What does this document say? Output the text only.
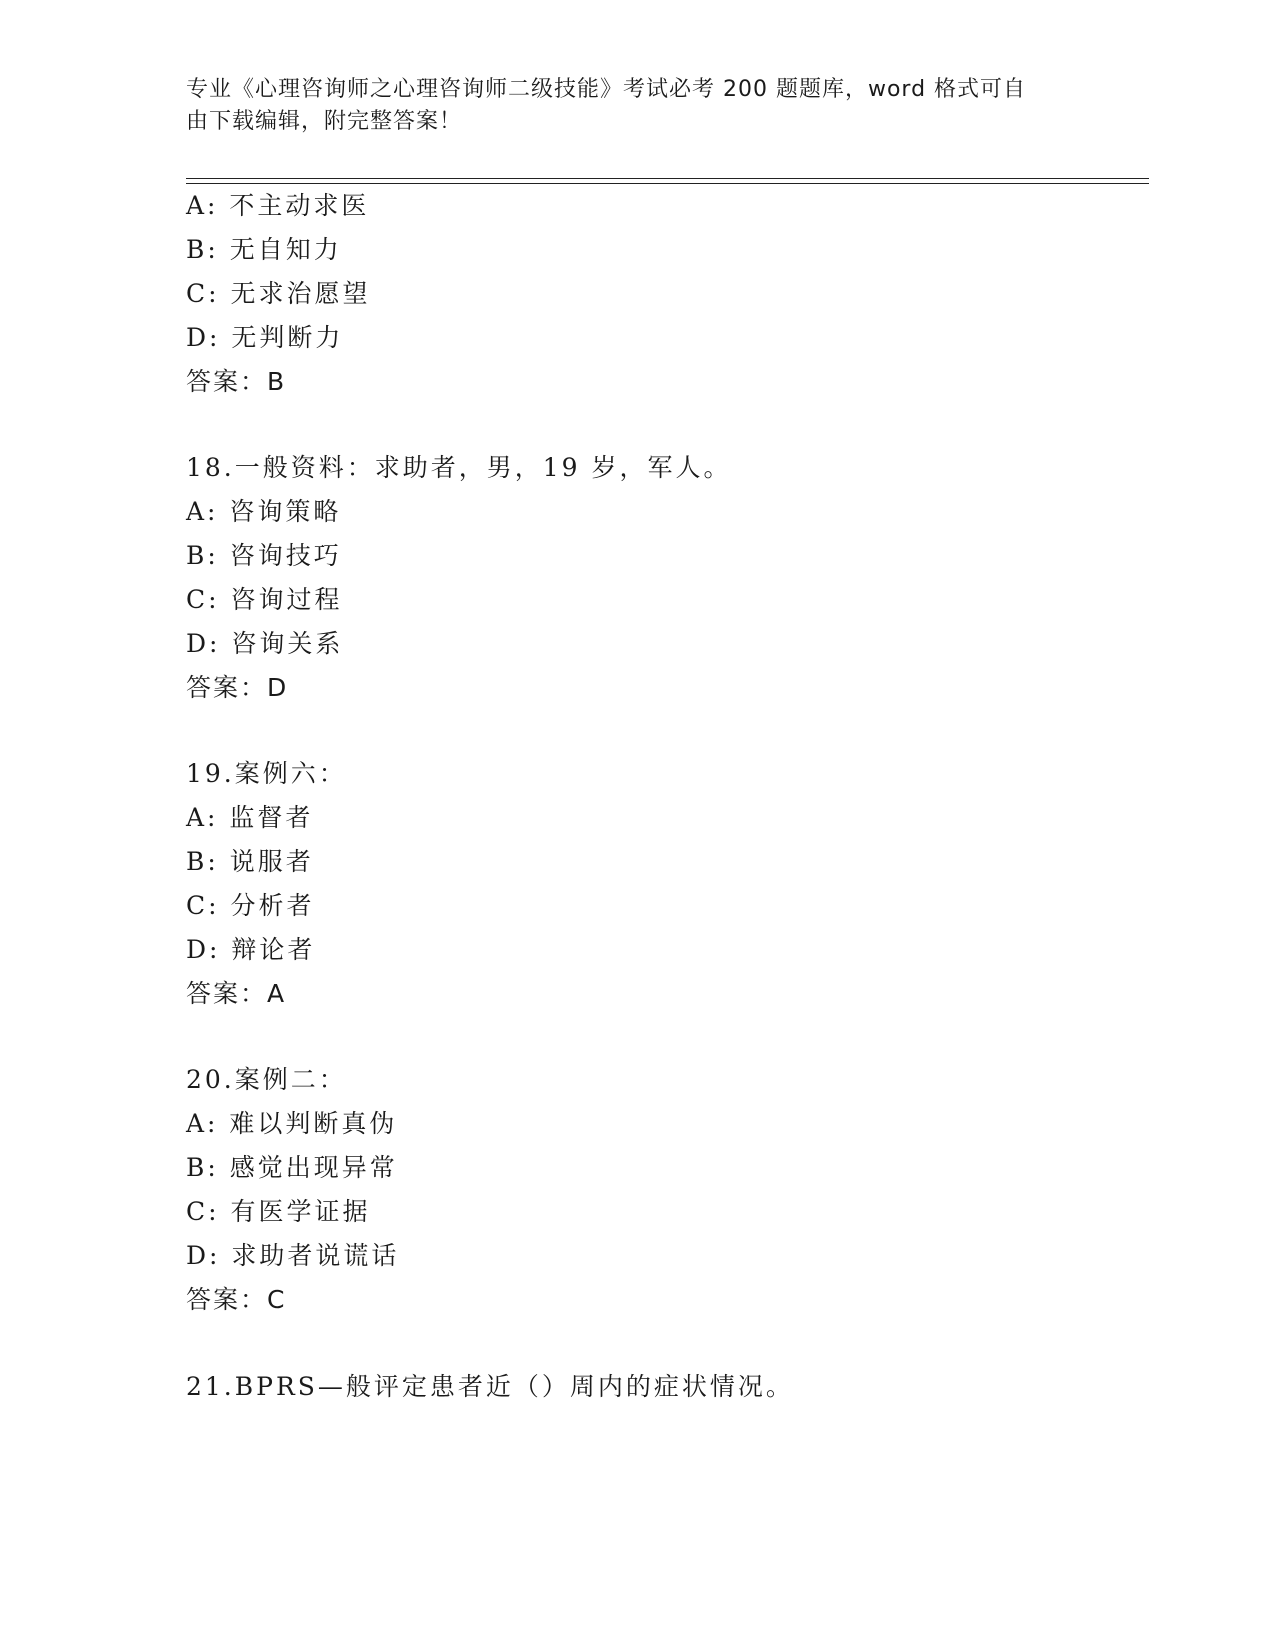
专业《心理咨询师之心理咨询师二级技能》考试必考 200 题题库，word 格式可自
由下载编辑，附完整答案！
A: 不主动求医
B: 无自知力
C: 无求治愿望
D: 无判断力
答案：B
18.一般资料：求助者，男，19 岁，军人。
A: 咨询策略
B: 咨询技巧
C: 咨询过程
D: 咨询关系
答案：D
19.案例六：
A: 监督者
B: 说服者
C: 分析者
D: 辩论者
答案：A
20.案例二：
A: 难以判断真伪
B: 感觉出现异常
C: 有医学证据
D: 求助者说谎话
答案：C
21.BPRS—般评定患者近（）周内的症状情况。
